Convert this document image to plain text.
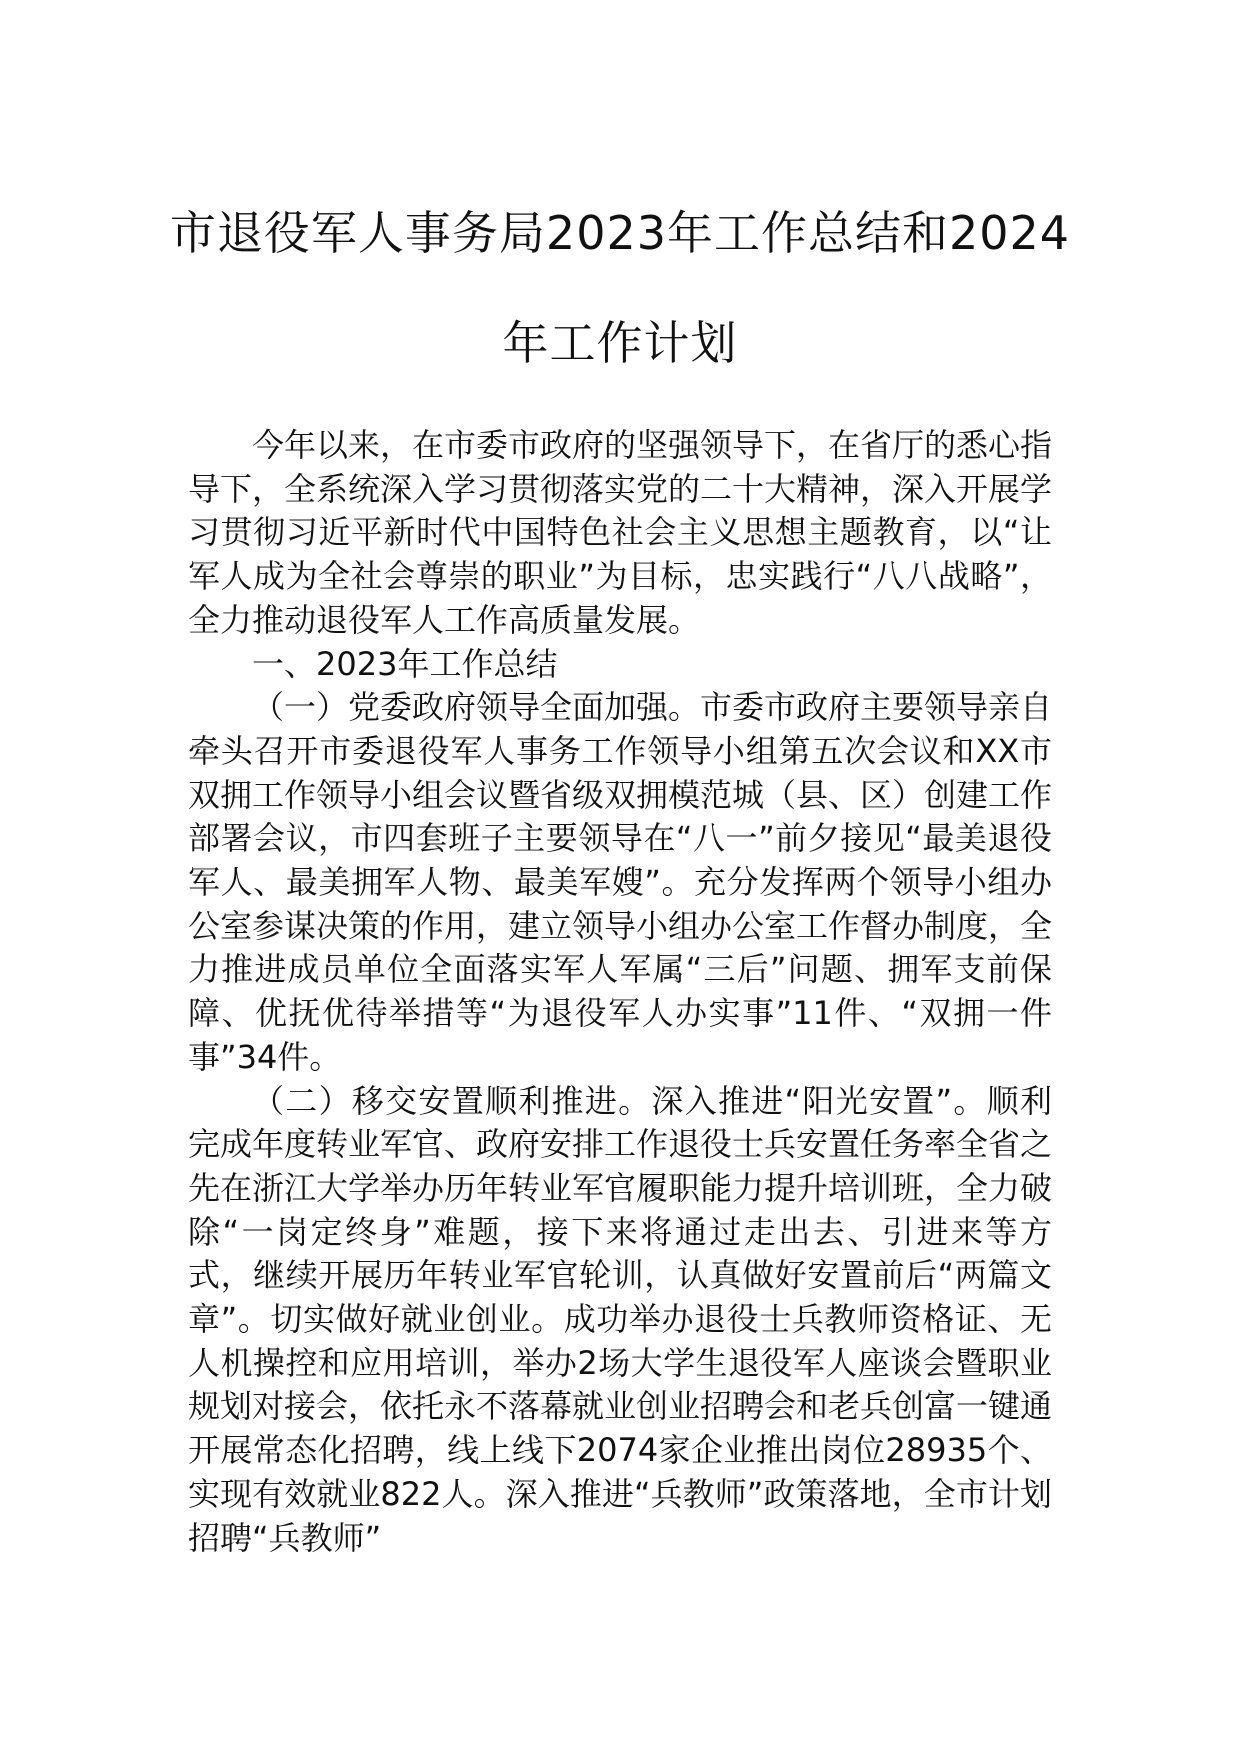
市退役军人事务局2023年工作总结和2024
年工作计划

今年以来，在市委市政府的坚强领导下，在省厅的悉心指导下，全系统深入学习贯彻落实党的二十大精神，深入开展学习贯彻习近平新时代中国特色社会主义思想主题教育，以“让军人成为全社会尊崇的职业”为目标，忠实践行“八八战略”，全力推动退役军人工作高质量发展。

一、2023年工作总结

（一）党委政府领导全面加强。市委市政府主要领导亲自牵头召开市委退役军人事务工作领导小组第五次会议和XX市双拥工作领导小组会议暨省级双拥模范城（县、区）创建工作部署会议，市四套班子主要领导在“八一”前夕接见“最美退役军人、最美拥军人物、最美军嫂”。充分发挥两个领导小组办公室参谋决策的作用，建立领导小组办公室工作督办制度，全力推进成员单位全面落实军人军属“三后”问题、拥军支前保障、优抚优待举措等“为退役军人办实事”11件、“双拥一件事”34件。

（二）移交安置顺利推进。深入推进“阳光安置”。顺利完成年度转业军官、政府安排工作退役士兵安置任务率全省之先在浙江大学举办历年转业军官履职能力提升培训班，全力破除“一岗定终身”难题，接下来将通过走出去、引进来等方式，继续开展历年转业军官轮训，认真做好安置前后“两篇文章”。切实做好就业创业。成功举办退役士兵教师资格证、无人机操控和应用培训，举办2场大学生退役军人座谈会暨职业规划对接会，依托永不落幕就业创业招聘会和老兵创富一键通开展常态化招聘，线上线下2074家企业推出岗位28935个、实现有效就业822人。深入推进“兵教师”政策落地，全市计划招聘“兵教师”
